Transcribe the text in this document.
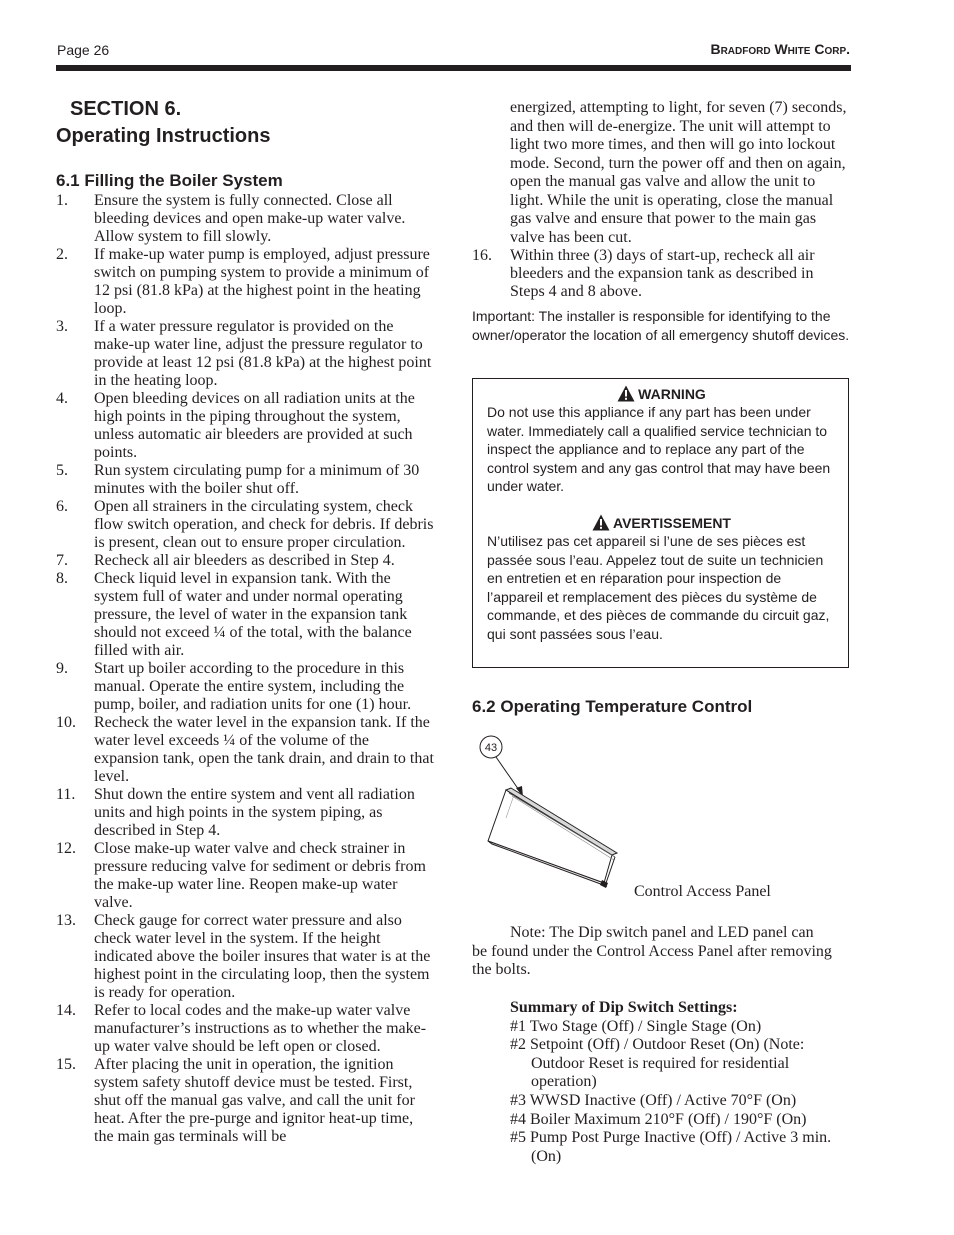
Page 26	Bradford White Corp.
SECTION 6.
Operating Instructions
6.1 Filling the Boiler System
1. Ensure the system is fully connected. Close all bleeding devices and open make-up water valve. Allow system to fill slowly.
2. If make-up water pump is employed, adjust pressure switch on pumping system to provide a minimum of 12 psi (81.8 kPa) at the highest point in the heating loop.
3. If a water pressure regulator is provided on the make-up water line, adjust the pressure regulator to provide at least 12 psi (81.8 kPa) at the highest point in the heating loop.
4. Open bleeding devices on all radiation units at the high points in the piping throughout the system, unless automatic air bleeders are provided at such points.
5. Run system circulating pump for a minimum of 30 minutes with the boiler shut off.
6. Open all strainers in the circulating system, check flow switch operation, and check for debris. If debris is present, clean out to ensure proper circulation.
7. Recheck all air bleeders as described in Step 4.
8. Check liquid level in expansion tank. With the system full of water and under normal operating pressure, the level of water in the expansion tank should not exceed ¼ of the total, with the balance filled with air.
9. Start up boiler according to the procedure in this manual. Operate the entire system, including the pump, boiler, and radiation units for one (1) hour.
10. Recheck the water level in the expansion tank. If the water level exceeds ¼ of the volume of the expansion tank, open the tank drain, and drain to that level.
11. Shut down the entire system and vent all radiation units and high points in the system piping, as described in Step 4.
12. Close make-up water valve and check strainer in pressure reducing valve for sediment or debris from the make-up water line. Reopen make-up water valve.
13. Check gauge for correct water pressure and also check water level in the system. If the height indicated above the boiler insures that water is at the highest point in the circulating loop, then the system is ready for operation.
14. Refer to local codes and the make-up water valve manufacturer’s instructions as to whether the make-up water valve should be left open or closed.
15. After placing the unit in operation, the ignition system safety shutoff device must be tested. First, shut off the manual gas valve, and call the unit for heat. After the pre-purge and ignitor heat-up time, the main gas terminals will be
energized, attempting to light, for seven (7) seconds, and then will de-energize. The unit will attempt to light two more times, and then will go into lockout mode. Second, turn the power off and then on again, open the manual gas valve and allow the unit to light. While the unit is operating, close the manual gas valve and ensure that power to the main gas valve has been cut.
16. Within three (3) days of start-up, recheck all air bleeders and the expansion tank as described in Steps 4 and 8 above.
Important: The installer is responsible for identifying to the owner/operator the location of all emergency shutoff devices.
WARNING
Do not use this appliance if any part has been under water. Immediately call a qualified service technician to inspect the appliance and to replace any part of the control system and any gas control that may have been under water.
AVERTISSEMENT
N’utilisez pas cet appareil si l’une de ses pièces est passée sous l’eau. Appelez tout de suite un technicien en entretien et en réparation pour inspection de l’appareil et remplacement des pièces du système de commande, et des pièces de commande du circuit gaz, qui sont passées sous l’eau.
6.2 Operating Temperature Control
43
Control Access Panel
Note: The Dip switch panel and LED panel can be found under the Control Access Panel after removing the bolts.
Summary of Dip Switch Settings:
#1 Two Stage (Off) / Single Stage (On)
#2 Setpoint (Off) / Outdoor Reset (On) (Note: Outdoor Reset is required for residential operation)
#3 WWSD Inactive (Off) / Active 70°F (On)
#4 Boiler Maximum 210°F (Off) / 190°F (On)
#5 Pump Post Purge Inactive (Off) / Active 3 min. (On)
